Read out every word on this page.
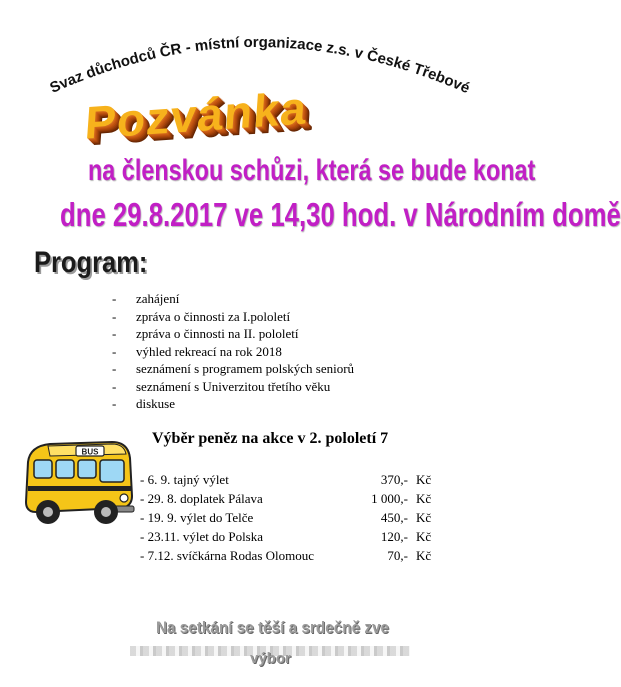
Svaz důchodců ČR - místní organizace z.s. v České Třebové
Pozvánka
na členskou schůzi, která se bude konat
dne 29.8.2017 ve 14,30 hod. v Národním domě
Program:
-	zahájení
-	zpráva o činnosti za I.pololetí
-	zpráva o činnosti na II. pololetí
-	výhled rekreací na rok 2018
-	seznámení s programem polských seniorů
-	seznámení s Univerzitou třetího věku
-	diskuse
Výběr peněz na akce v 2. pololetí 7
BUS
- 6. 9. tajný výlet	370,- Kč
- 29. 8. doplatek Pálava	1 000,- Kč
- 19. 9. výlet do Telče	450,- Kč
- 23.11. výlet do Polska	120,- Kč
- 7.12. svíčkárna Rodas Olomouc	70,- Kč
Na setkání se těší a srdečně zve
výbor
